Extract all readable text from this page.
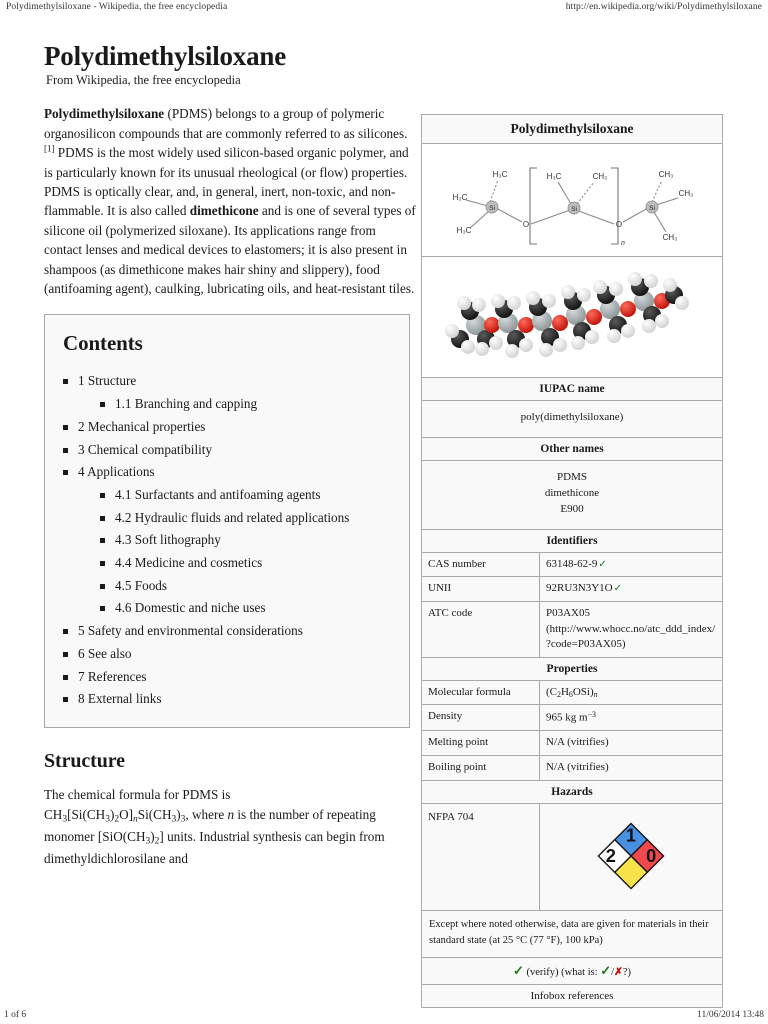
Polydimethylsiloxane - Wikipedia, the free encyclopedia	http://en.wikipedia.org/wiki/Polydimethylsiloxane
Polydimethylsiloxane
From Wikipedia, the free encyclopedia

Polydimethylsiloxane (PDMS) belongs to a group of polymeric organosilicon compounds that are commonly referred to as silicones.[1] PDMS is the most widely used silicon-based organic polymer, and is particularly known for its unusual rheological (or flow) properties. PDMS is optically clear, and, in general, inert, non-toxic, and non-flammable. It is also called dimethicone and is one of several types of silicone oil (polymerized siloxane). Its applications range from contact lenses and medical devices to elastomers; it is also present in shampoos (as dimethicone makes hair shiny and slippery), food (antifoaming agent), caulking, lubricating oils, and heat-resistant tiles.

Contents
1 Structure
1.1 Branching and capping
2 Mechanical properties
3 Chemical compatibility
4 Applications
4.1 Surfactants and antifoaming agents
4.2 Hydraulic fluids and related applications
4.3 Soft lithography
4.4 Medicine and cosmetics
4.5 Foods
4.6 Domestic and niche uses
5 Safety and environmental considerations
6 See also
7 References
8 External links
Structure

The chemical formula for PDMS is
$CH_3[Si(CH_3)_2O]_nSi(CH_3)_3$, where n is the number of repeating monomer $[SiO(CH_3)_2]$ units. Industrial synthesis can begin from dimethyldichlorosilane and

Polydimethylsiloxane
Si	Si	Si
O	O
H₃C
H₃C
H₃C
H₃C	CH₃	CH₃
CH₃
CH₃
n
IUPAC name
poly(dimethylsiloxane)
Other names
PDMS
dimethicone
E900
Identifiers
CAS number	63148-62-9✓
UNII	92RU3N3Y1O✓
ATC code	P03AX05 (http://www.whocc.no/atc_ddd_index/?code=P03AX05)
Properties
Molecular formula	$(C_2H_6OSi)_n$
Density	965 kg $m^{-3}$
Melting point	N/A (vitrifies)
Boiling point	N/A (vitrifies)
Hazards
NFPA 704
2
1
0
Except where noted otherwise, data are given for materials in their standard state (at 25 °C (77 °F), 100 kPa)
✓ (verify) (what is: ✓/✗?)
Infobox references
1 of 6	11/06/2014 13:48
